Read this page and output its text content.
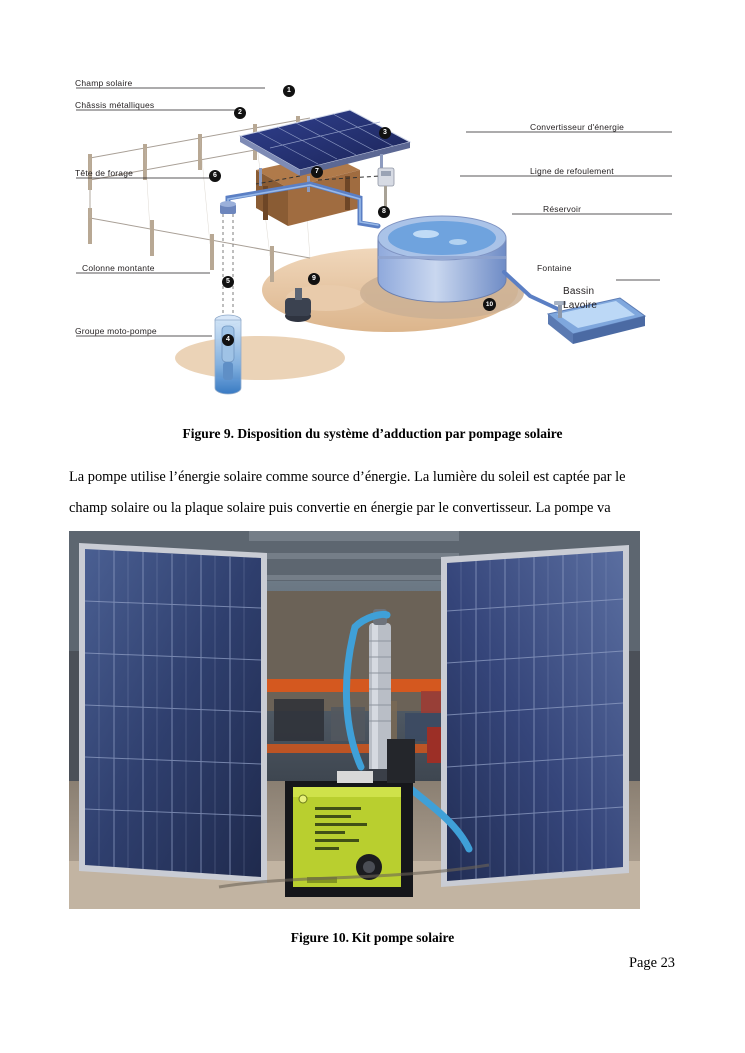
Champ solaire
Châssis métalliques
Tête de forage
Colonne montante
Groupe moto-pompe
Convertisseur d'énergie
Ligne de refoulement
Réservoir
Fontaine
Bassin
Lavoire
1
2
3
4
5
6
7
8
9
10
Figure 9. Disposition du système d’adduction par pompage solaire
La pompe utilise l’énergie solaire comme source d’énergie. La lumière du soleil est captée par le
champ solaire ou la plaque solaire puis convertie en énergie par le convertisseur. La pompe va
Figure 10. Kit pompe solaire
Page 23
